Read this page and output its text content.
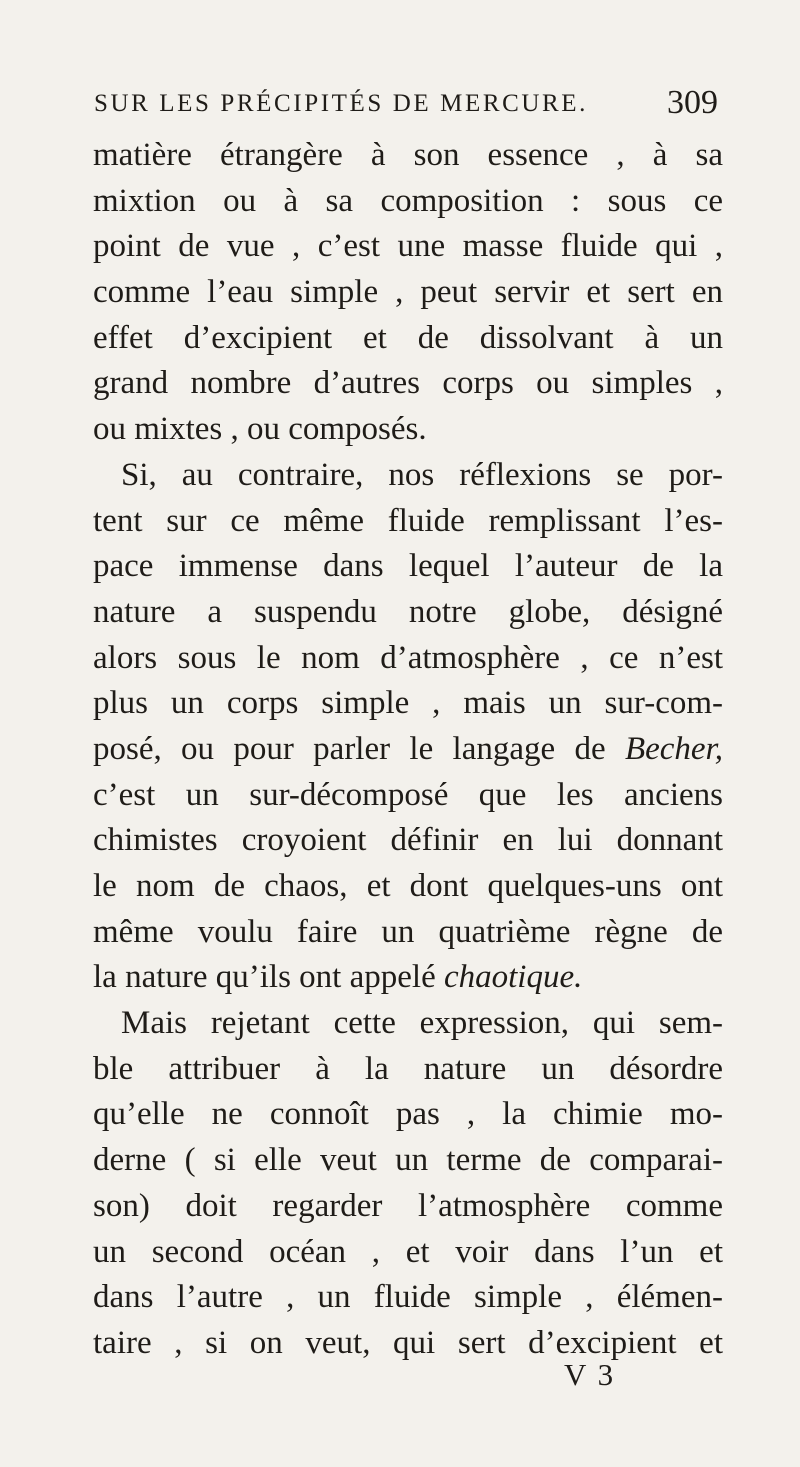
SUR LES PRÉCIPITÉS DE MERCURE. 309
matière étrangère à son essence , à sa
mixtion ou à sa composition : sous ce
point de vue , c’est une masse fluide qui ,
comme l’eau simple , peut servir et sert en
effet d’excipient et de dissolvant à un
grand nombre d’autres corps ou simples ,
ou mixtes , ou composés.
Si, au contraire, nos réflexions se por-
tent sur ce même fluide remplissant l’es-
pace immense dans lequel l’auteur de la
nature a suspendu notre globe, désigné
alors sous le nom d’atmosphère , ce n’est
plus un corps simple , mais un sur-com-
posé, ou pour parler le langage de Becher,
c’est un sur-décomposé que les anciens
chimistes croyoient définir en lui donnant
le nom de chaos, et dont quelques-uns ont
même voulu faire un quatrième règne de
la nature qu’ils ont appelé chaotique.
Mais rejetant cette expression, qui sem-
ble attribuer à la nature un désordre
qu’elle ne connoît pas , la chimie mo-
derne ( si elle veut un terme de comparai-
son) doit regarder l’atmosphère comme
un second océan , et voir dans l’un et
dans l’autre , un fluide simple , élémen-
taire , si on veut, qui sert d’excipient et
V 3
